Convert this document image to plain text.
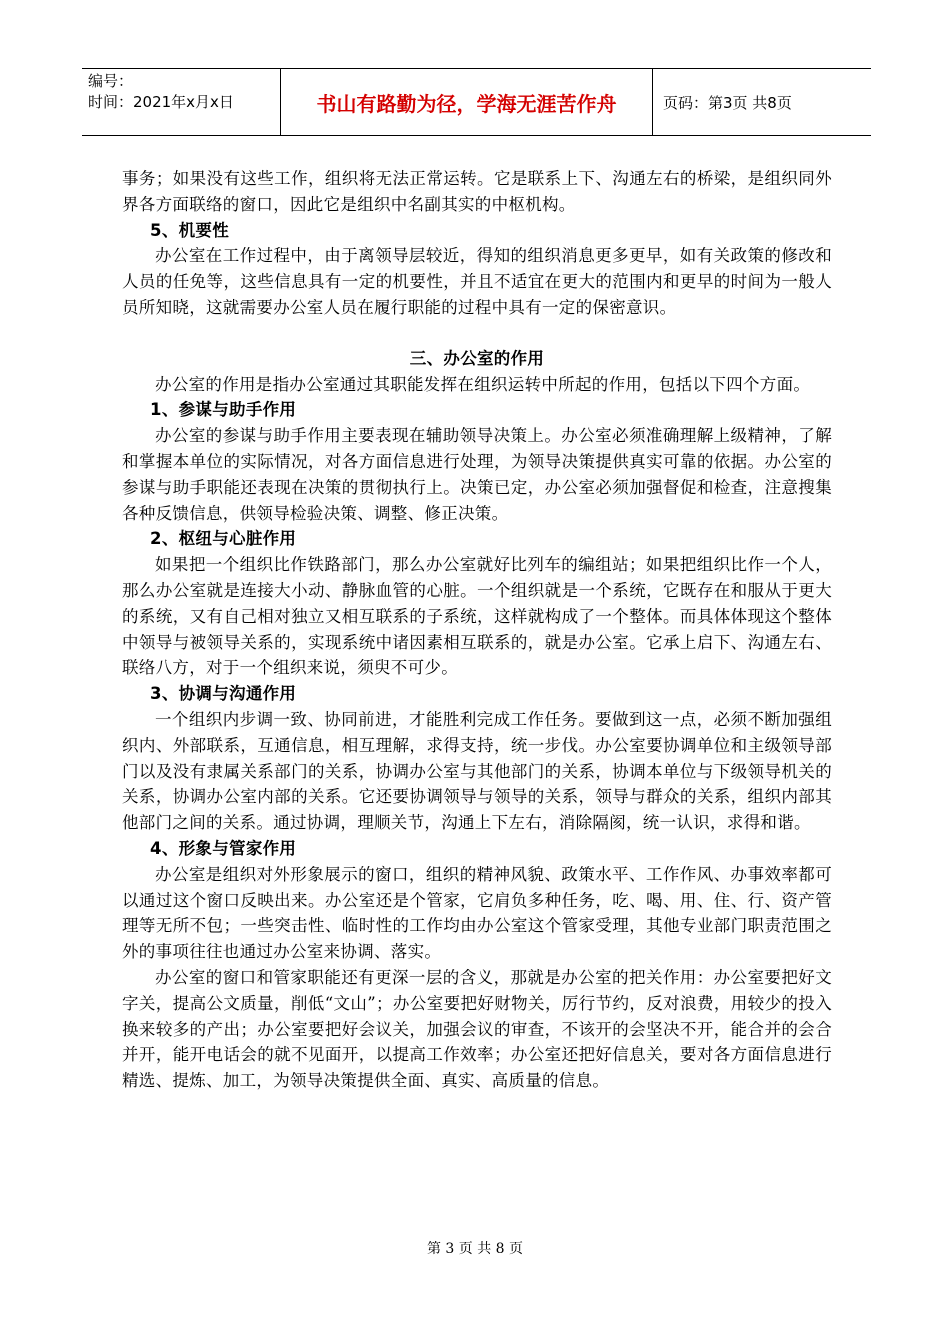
编号：
时间：2021年x月x日	书山有路勤为径，学海无涯苦作舟	页码：第3页 共8页

事务；如果没有这些工作，组织将无法正常运转。它是联系上下、沟通左右的桥梁，是组织同外界各方面联络的窗口，因此它是组织中名副其实的中枢机构。

5、机要性

办公室在工作过程中，由于离领导层较近，得知的组织消息更多更早，如有关政策的修改和人员的任免等，这些信息具有一定的机要性，并且不适宜在更大的范围内和更早的时间为一般人员所知晓，这就需要办公室人员在履行职能的过程中具有一定的保密意识。

三、办公室的作用

办公室的作用是指办公室通过其职能发挥在组织运转中所起的作用，包括以下四个方面。

1、参谋与助手作用

办公室的参谋与助手作用主要表现在辅助领导决策上。办公室必须准确理解上级精神，了解和掌握本单位的实际情况，对各方面信息进行处理，为领导决策提供真实可靠的依据。办公室的参谋与助手职能还表现在决策的贯彻执行上。决策已定，办公室必须加强督促和检查，注意搜集各种反馈信息，供领导检验决策、调整、修正决策。

2、枢纽与心脏作用

如果把一个组织比作铁路部门，那么办公室就好比列车的编组站；如果把组织比作一个人，那么办公室就是连接大小动、静脉血管的心脏。一个组织就是一个系统，它既存在和服从于更大的系统，又有自己相对独立又相互联系的子系统，这样就构成了一个整体。而具体体现这个整体中领导与被领导关系的，实现系统中诸因素相互联系的，就是办公室。它承上启下、沟通左右、联络八方，对于一个组织来说，须臾不可少。

3、协调与沟通作用

一个组织内步调一致、协同前进，才能胜利完成工作任务。要做到这一点，必须不断加强组织内、外部联系，互通信息，相互理解，求得支持，统一步伐。办公室要协调单位和主级领导部门以及没有隶属关系部门的关系，协调办公室与其他部门的关系，协调本单位与下级领导机关的关系，协调办公室内部的关系。它还要协调领导与领导的关系，领导与群众的关系，组织内部其他部门之间的关系。通过协调，理顺关节，沟通上下左右，消除隔阂，统一认识，求得和谐。

4、形象与管家作用

办公室是组织对外形象展示的窗口，组织的精神风貌、政策水平、工作作风、办事效率都可以通过这个窗口反映出来。办公室还是个管家，它肩负多种任务，吃、喝、用、住、行、资产管理等无所不包；一些突击性、临时性的工作均由办公室这个管家受理，其他专业部门职责范围之外的事项往往也通过办公室来协调、落实。

办公室的窗口和管家职能还有更深一层的含义，那就是办公室的把关作用：办公室要把好文字关，提高公文质量，削低“文山”；办公室要把好财物关，厉行节约，反对浪费，用较少的投入换来较多的产出；办公室要把好会议关，加强会议的审查，不该开的会坚决不开，能合并的会合并开，能开电话会的就不见面开，以提高工作效率；办公室还把好信息关，要对各方面信息进行精选、提炼、加工，为领导决策提供全面、真实、高质量的信息。

第 3 页 共 8 页
